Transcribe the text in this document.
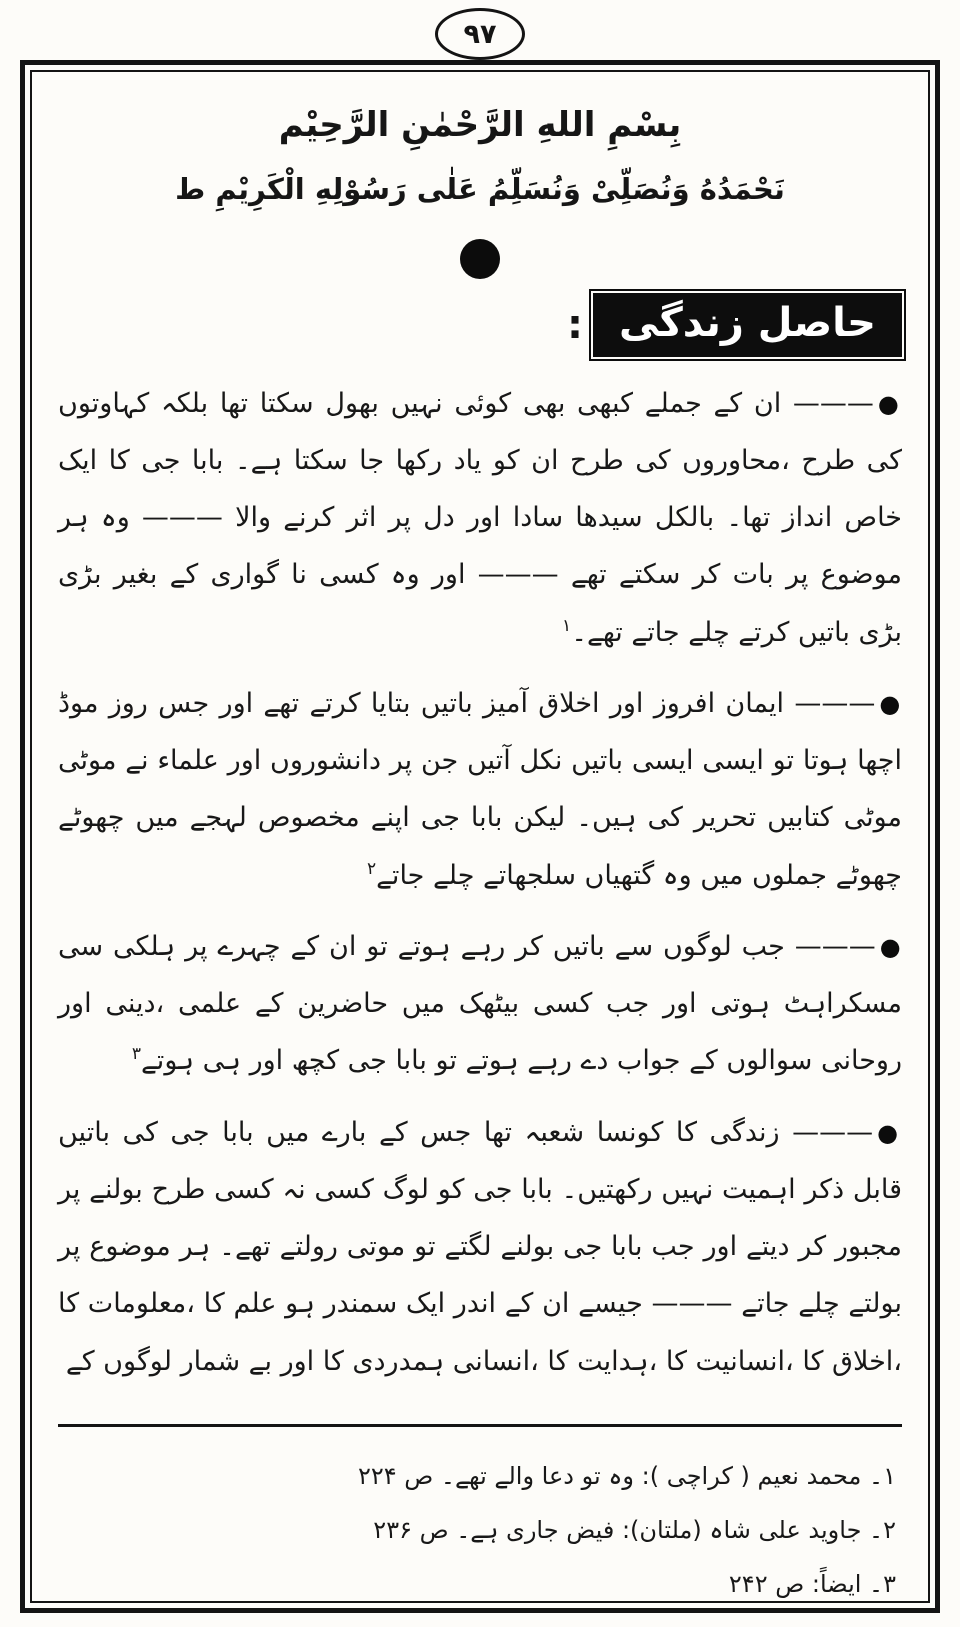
۹۷
بِسْمِ اللهِ الرَّحْمٰنِ الرَّحِيْم
نَحْمَدُهُ وَنُصَلِّىْ وَنُسَلِّمُ عَلٰى رَسُوْلِهِ الْكَرِيْمِ ط
حاصل زندگی
:

●——— ان کے جملے کبھی بھی کوئی نہیں بھول سکتا تھا بلکہ کہاوتوں کی طرح ،محاوروں کی طرح ان کو یاد رکھا جا سکتا ہے۔ بابا جی کا ایک خاص انداز تھا۔ بالکل سیدھا سادا اور دل پر اثر کرنے والا ——— وہ ہر موضوع پر بات کر سکتے تھے ——— اور وہ کسی نا گواری کے بغیر بڑی بڑی باتیں کرتے چلے جاتے تھے۔$^۱$

●——— ایمان افروز اور اخلاق آمیز باتیں بتایا کرتے تھے اور جس روز موڈ اچھا ہوتا تو ایسی ایسی باتیں نکل آتیں جن پر دانشوروں اور علماء نے موٹی موٹی کتابیں تحریر کی ہیں۔ لیکن بابا جی اپنے مخصوص لہجے میں چھوٹے چھوٹے جملوں میں وہ گتھیاں سلجھاتے چلے جاتے$^۲$

●——— جب لوگوں سے باتیں کر رہے ہوتے تو ان کے چہرے پر ہلکی سی مسکراہٹ ہوتی اور جب کسی بیٹھک میں حاضرین کے علمی ،دینی اور روحانی سوالوں کے جواب دے رہے ہوتے تو بابا جی کچھ اور ہی ہوتے$^۳$

●——— زندگی کا کونسا شعبہ تھا جس کے بارے میں بابا جی کی باتیں قابل ذکر اہمیت نہیں رکھتیں۔ بابا جی کو لوگ کسی نہ کسی طرح بولنے پر مجبور کر دیتے اور جب بابا جی بولنے لگتے تو موتی رولتے تھے۔ ہر موضوع پر بولتے چلے جاتے ——— جیسے ان کے اندر ایک سمندر ہو علم کا ،معلومات کا ،اخلاق کا ،انسانیت کا ،ہدایت کا ،انسانی ہمدردی کا اور بے شمار لوگوں کے

۱۔ محمد نعیم ( کراچی ): وہ تو دعا والے تھے۔ ص ۲۲۴
۲۔ جاوید علی شاہ (ملتان): فیض جاری ہے۔ ص ۲۳۶
۳۔ ایضاً: ص ۲۴۲
